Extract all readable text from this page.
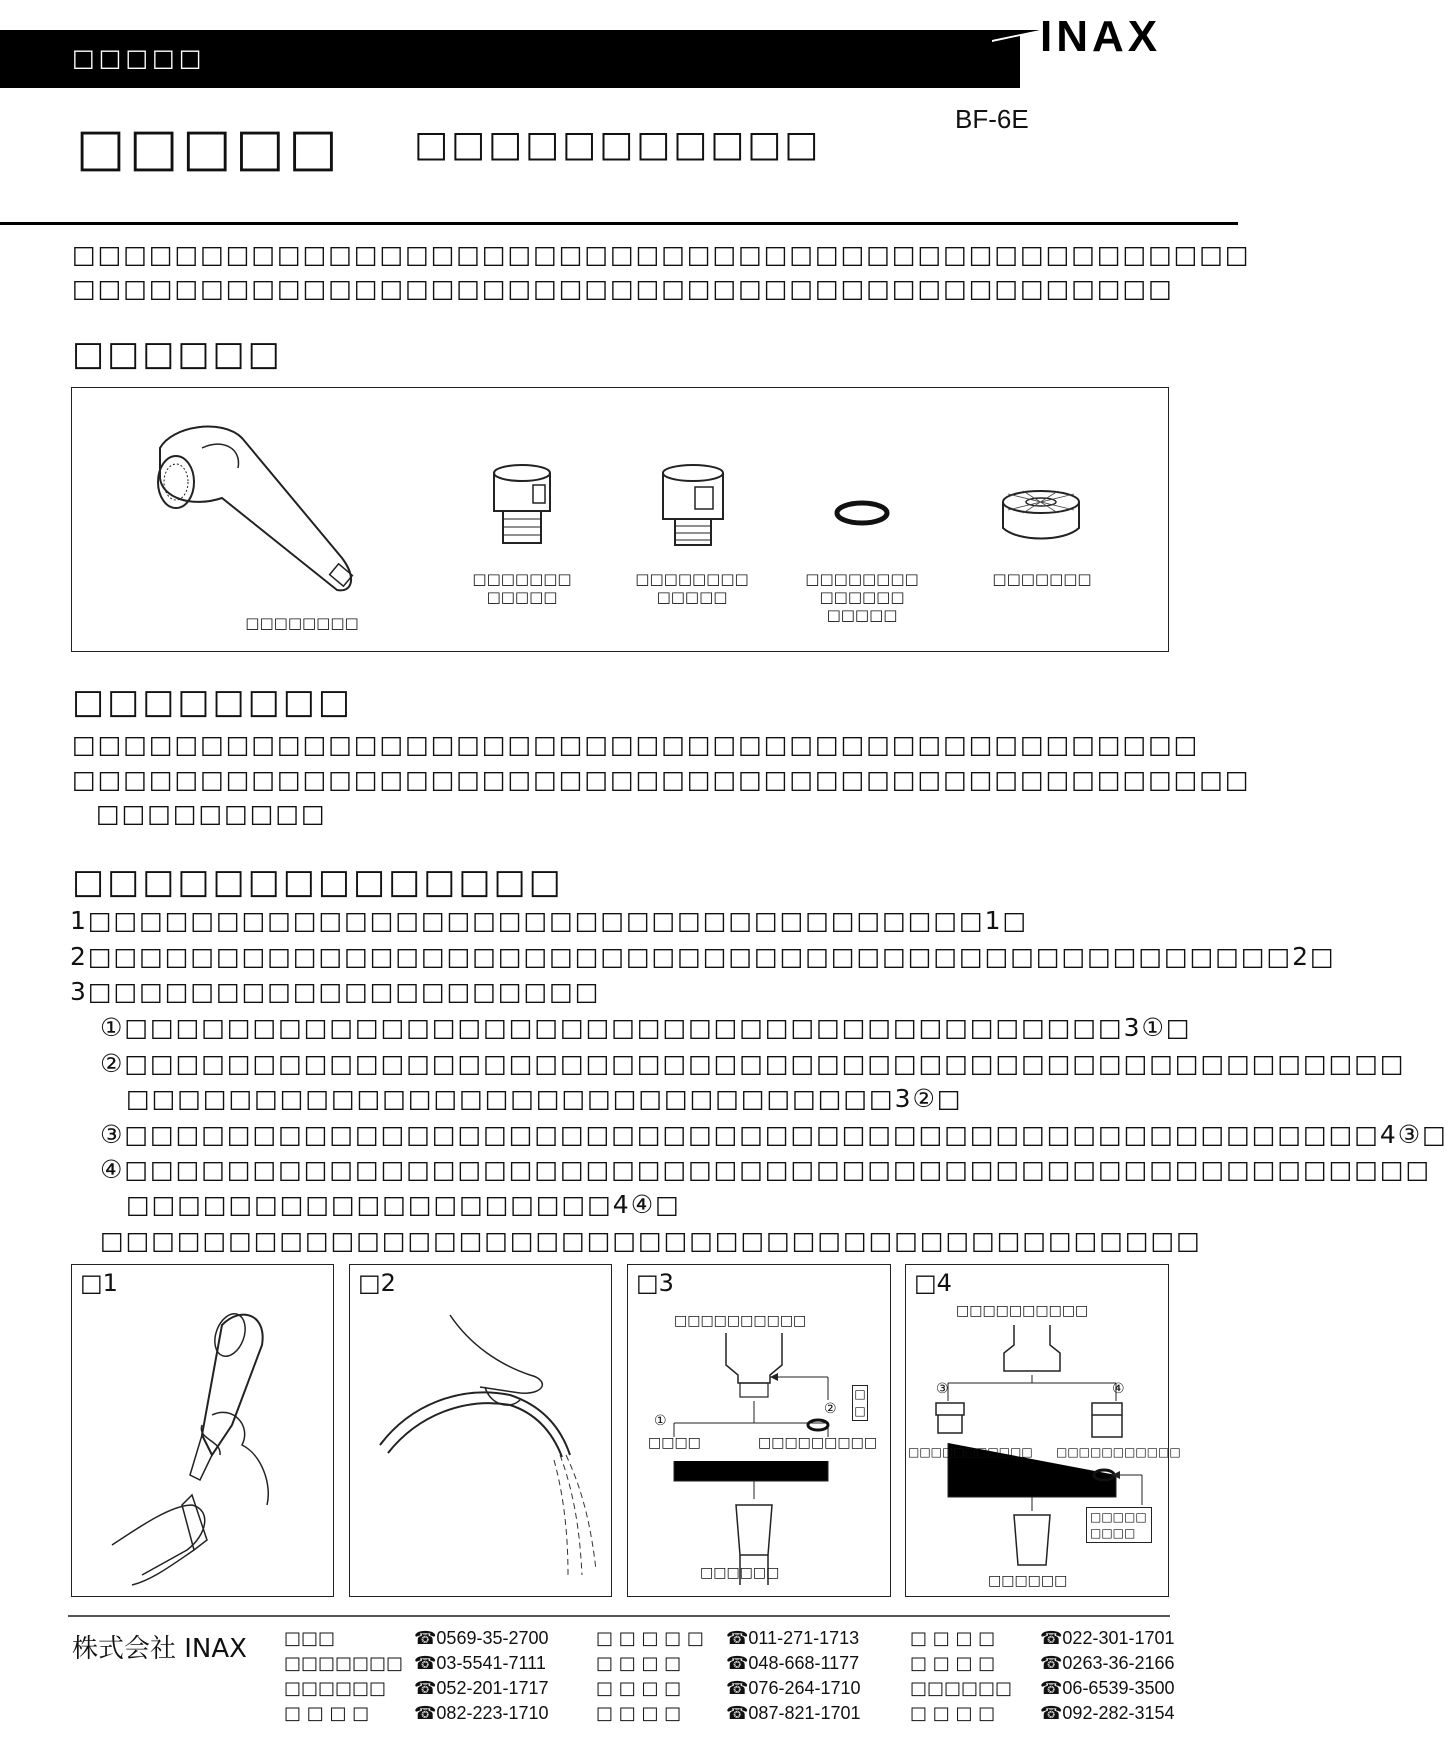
□□□□□	INAX
□□□□□ □□□□□□□□□□□
BF-6E
□□□□□□□□□□□□□□□□□□□□□□□□□□□□□□□□□□□□□□□□□□□□□□
□□□□□□□□□□□□□□□□□□□□□□□□□□□□□□□□□□□□□□□□□□□
□□□□□□
□□□□□□□□
□□□□□□□
□□□□□
□□□□□□□□
□□□□□
□□□□□□□□
□□□□□□
□□□□□
□□□□□□□
□□□□□□□□
□□□□□□□□□□□□□□□□□□□□□□□□□□□□□□□□□□□□□□□□□□□□
□□□□□□□□□□□□□□□□□□□□□□□□□□□□□□□□□□□□□□□□□□□□□□
□□□□□□□□□
□□□□□□□□□□□□□□
1□□□□□□□□□□□□□□□□□□□□□□□□□□□□□□□□□□□1□
2□□□□□□□□□□□□□□□□□□□□□□□□□□□□□□□□□□□□□□□□□□□□□□□2□
3□□□□□□□□□□□□□□□□□□□□
①□□□□□□□□□□□□□□□□□□□□□□□□□□□□□□□□□□□□□□□3①□
②□□□□□□□□□□□□□□□□□□□□□□□□□□□□□□□□□□□□□□□□□□□□□□□□□□
□□□□□□□□□□□□□□□□□□□□□□□□□□□□□□3②□
③□□□□□□□□□□□□□□□□□□□□□□□□□□□□□□□□□□□□□□□□□□□□□□□□□4③□
④□□□□□□□□□□□□□□□□□□□□□□□□□□□□□□□□□□□□□□□□□□□□□□□□□□□
□□□□□□□□□□□□□□□□□□□4④□
□□□□□□□□□□□□□□□□□□□□□□□□□□□□□□□□□□□□□□□□□□□
□1	□2	□3
□□□□□□□□□□
□
□
②
①
□□□□	□□□□□□□□□
□□□□□□
□4
□□□□□□□□□□
③	④
□□□□□□□□□□□ □□□□□□□□□□□
□□□□□
□□□□
□□□□□□
株式会社 INAX □□□	☎0569-35-2700	□ □ □ □ □ ☎011-271-1713	□ □ □ □ ☎022-301-1701
□□□□□□□ ☎03-5541-7111	□ □ □ □ ☎048-668-1177	□ □ □ □ ☎0263-36-2166
□□□□□□ ☎052-201-1717	□ □ □ □ ☎076-264-1710	□□□□□□ ☎06-6539-3500
□ □ □ □ ☎082-223-1710	□ □ □ □ ☎087-821-1701	□ □ □ □ ☎092-282-3154
